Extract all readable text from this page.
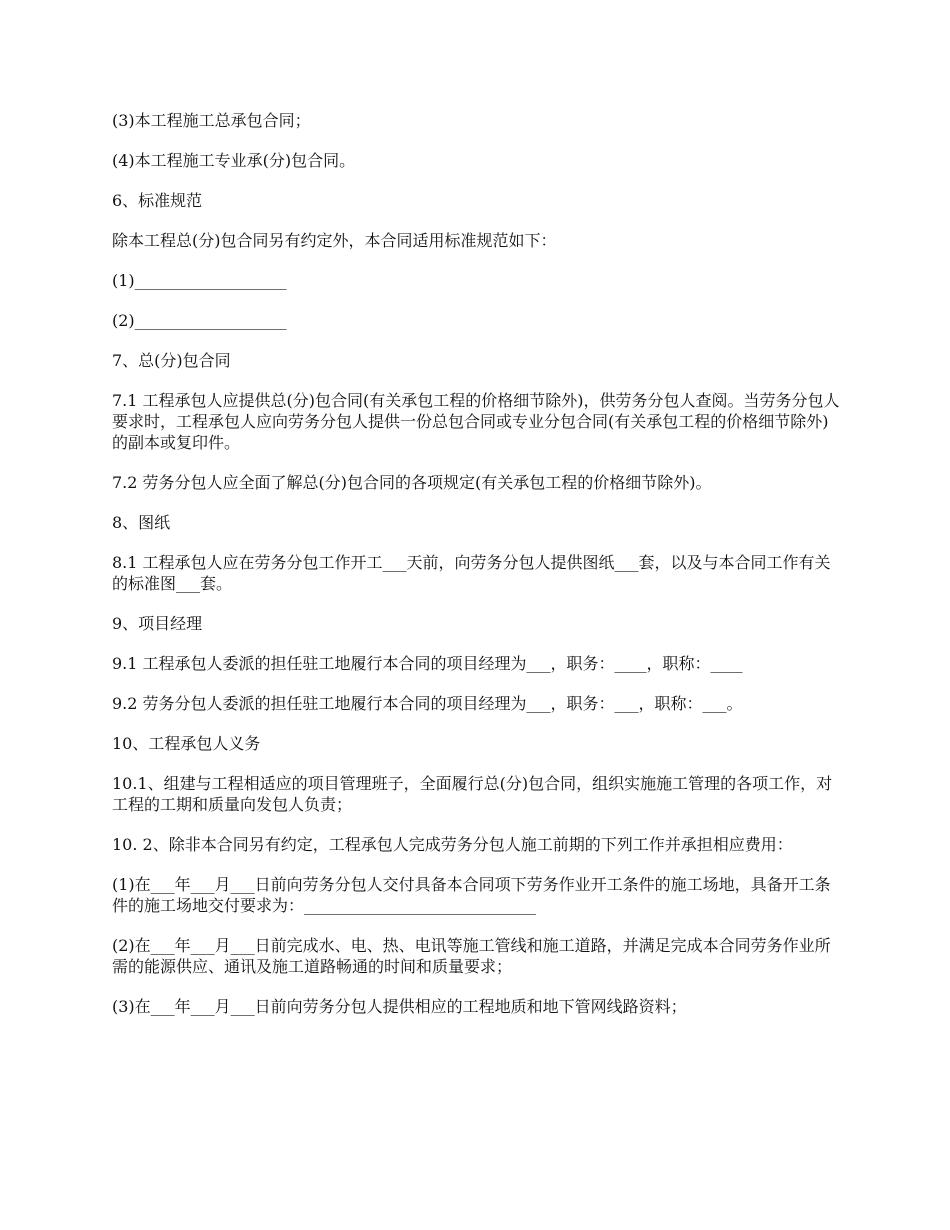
(3)本工程施工总承包合同；

(4)本工程施工专业承(分)包合同。

6、标准规范

除本工程总(分)包合同另有约定外，本合同适用标准规范如下：

(1)___________________

(2)___________________

7、总(分)包合同

7.1 工程承包人应提供总(分)包合同(有关承包工程的价格细节除外)，供劳务分包人查阅。当劳务分包人要求时，工程承包人应向劳务分包人提供一份总包合同或专业分包合同(有关承包工程的价格细节除外)的副本或复印件。

7.2 劳务分包人应全面了解总(分)包合同的各项规定(有关承包工程的价格细节除外)。

8、图纸

8.1 工程承包人应在劳务分包工作开工___天前，向劳务分包人提供图纸___套，以及与本合同工作有关的标准图___套。

9、项目经理

9.1 工程承包人委派的担任驻工地履行本合同的项目经理为___，职务：____，职称：____

9.2 劳务分包人委派的担任驻工地履行本合同的项目经理为___，职务：___，职称：___。

10、工程承包人义务

10.1、组建与工程相适应的项目管理班子，全面履行总(分)包合同，组织实施施工管理的各项工作，对工程的工期和质量向发包人负责；

10. 2、除非本合同另有约定，工程承包人完成劳务分包人施工前期的下列工作并承担相应费用：

(1)在___年___月___日前向劳务分包人交付具备本合同项下劳务作业开工条件的施工场地，具备开工条件的施工场地交付要求为：_____________________________

(2)在___年___月___日前完成水、电、热、电讯等施工管线和施工道路，并满足完成本合同劳务作业所需的能源供应、通讯及施工道路畅通的时间和质量要求；

(3)在___年___月___日前向劳务分包人提供相应的工程地质和地下管网线路资料；
